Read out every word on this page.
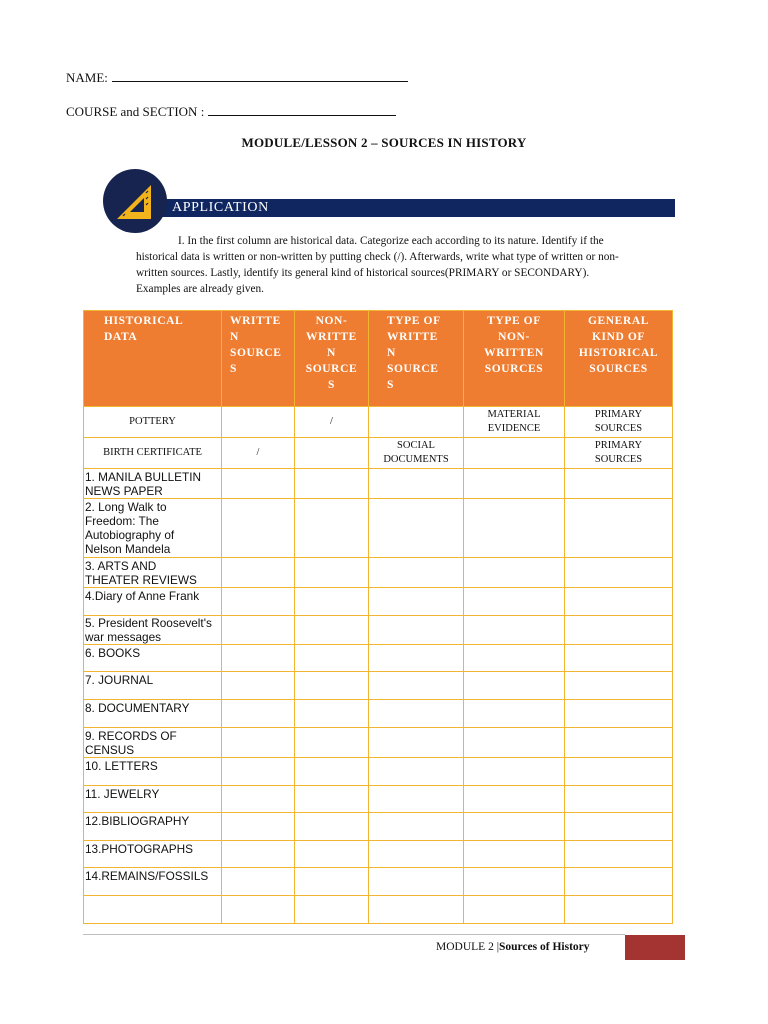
NAME:
COURSE and SECTION :
MODULE/LESSON 2 – SOURCES IN HISTORY
APPLICATION
I. In the first column are historical data. Categorize each according to its nature. Identify if the historical data is written or non-written by putting check (/). Afterwards, write what type of written or non-written sources. Lastly, identify its general kind of historical sources(PRIMARY or SECONDARY). Examples are already given.
HISTORICAL DATA	WRITTE N SOURCE S	NON-WRITTE N SOURCE S	TYPE OF WRITTE N SOURCE S	TYPE OF NON-WRITTEN SOURCES	GENERAL KIND OF HISTORICAL SOURCES
POTTERY		/		MATERIAL EVIDENCE	PRIMARY SOURCES
BIRTH CERTIFICATE	/		SOCIAL DOCUMENTS		PRIMARY SOURCES
1. MANILA BULLETIN NEWS PAPER					
2. Long Walk to Freedom: The Autobiography of Nelson Mandela					
3. ARTS AND THEATER REVIEWS					
4.Diary of Anne Frank					
5. President Roosevelt's war messages					
6. BOOKS					
7. JOURNAL					
8. DOCUMENTARY					
9. RECORDS OF CENSUS					
10. LETTERS					
11. JEWELRY					
12.BIBLIOGRAPHY					
13.PHOTOGRAPHS					
14.REMAINS/FOSSILS					

MODULE 2 |Sources of History
